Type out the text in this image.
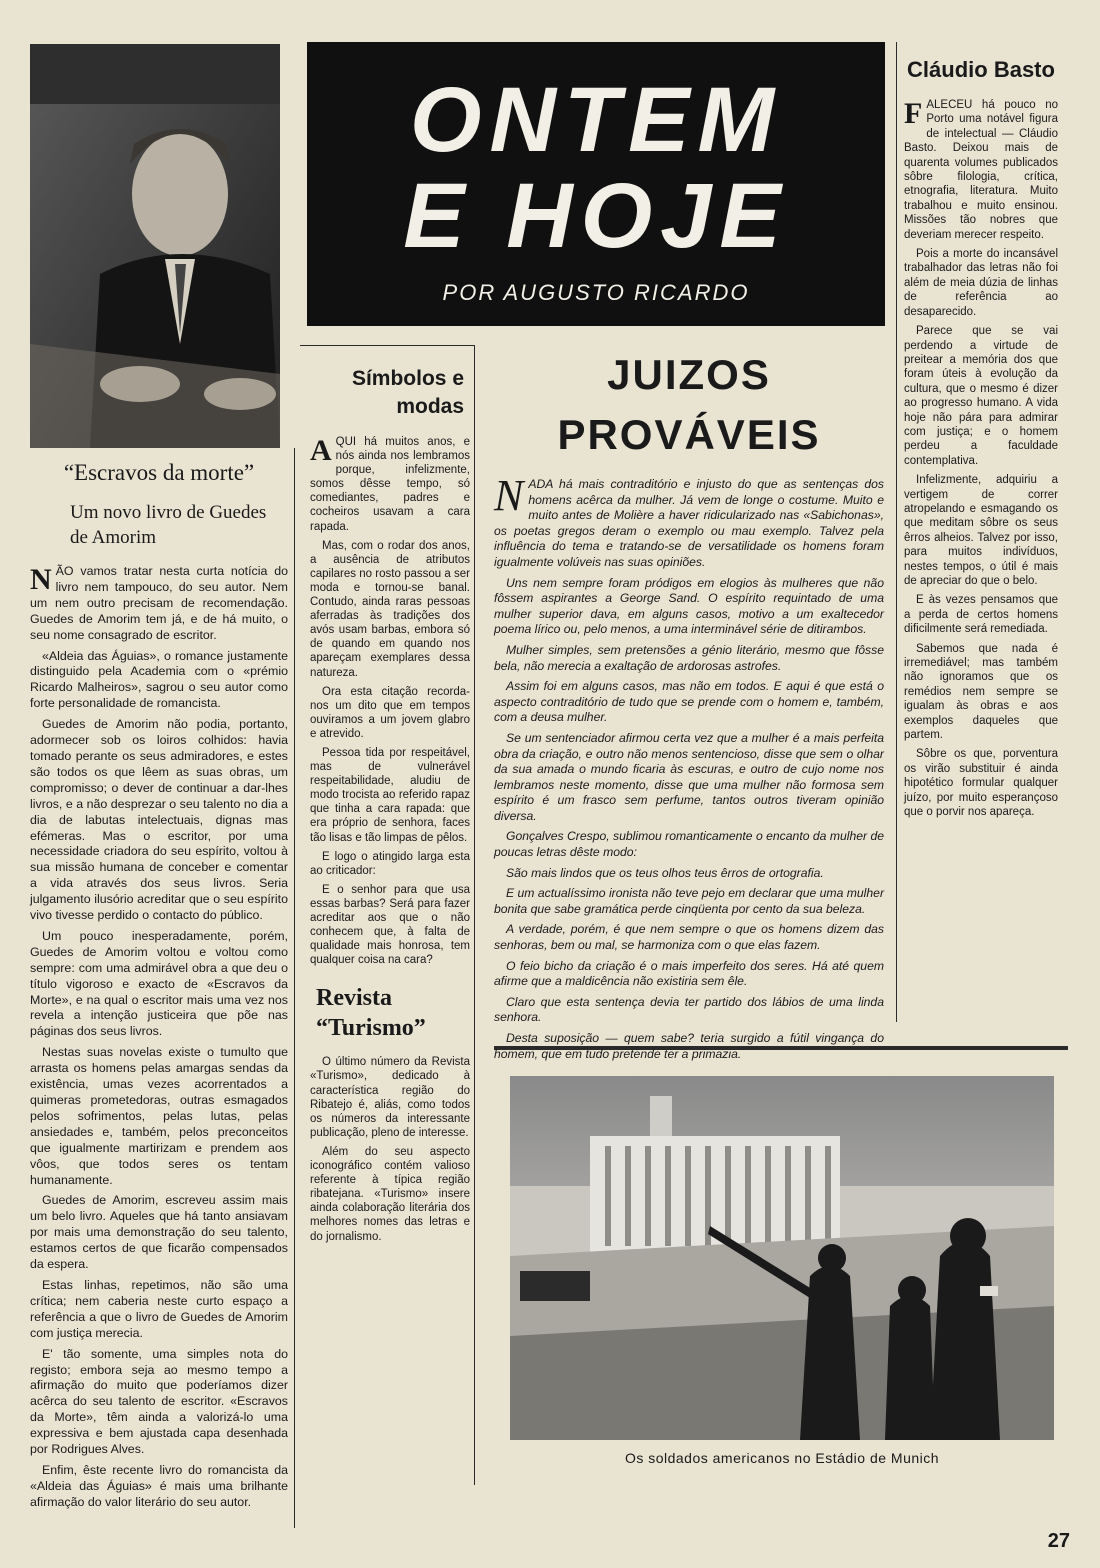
ONTEM
E HOJE
POR AUGUSTO RICARDO
“Escravos da morte”
Um novo livro de Guedes de Amorim

NÃO vamos tratar nesta curta notícia do livro nem tampouco, do seu autor. Nem um nem outro precisam de recomendação. Guedes de Amorim tem já, e de há muito, o seu nome consagrado de escritor.

«Aldeia das Águias», o romance justamente distinguido pela Academia com o «prémio Ricardo Malheiros», sagrou o seu autor como forte personalidade de romancista.

Guedes de Amorim não podia, portanto, adormecer sob os loiros colhidos: havia tomado perante os seus admiradores, e estes são todos os que lêem as suas obras, um compromisso; o dever de continuar a dar-lhes livros, e a não desprezar o seu talento no dia a dia de labutas intelectuais, dignas mas efémeras. Mas o escritor, por uma necessidade criadora do seu espírito, voltou à sua missão humana de conceber e comentar a vida através dos seus livros. Seria julgamento ilusório acreditar que o seu espírito vivo tivesse perdido o contacto do público.

Um pouco inesperadamente, porém, Guedes de Amorim voltou e voltou como sempre: com uma admirável obra a que deu o título vigoroso e exacto de «Escravos da Morte», e na qual o escritor mais uma vez nos revela a intenção justiceira que põe nas páginas dos seus livros.

Nestas suas novelas existe o tumulto que arrasta os homens pelas amargas sendas da existência, umas vezes acorrentados a quimeras prometedoras, outras esmagados pelos sofrimentos, pelas lutas, pelas ansiedades e, também, pelos preconceitos que igualmente martirizam e prendem aos vôos, que todos seres os tentam humanamente.

Guedes de Amorim, escreveu assim mais um belo livro. Aqueles que há tanto ansiavam por mais uma demonstração do seu talento, estamos certos de que ficarão compensados da espera.

Estas linhas, repetimos, não são uma crítica; nem caberia neste curto espaço a referência a que o livro de Guedes de Amorim com justiça merecia.

E' tão somente, uma simples nota do registo; embora seja ao mesmo tempo a afirmação do muito que poderíamos dizer acêrca do seu talento de escritor. «Escravos da Morte», têm ainda a valorizá-lo uma expressiva e bem ajustada capa desenhada por Rodrigues Alves.

Enfim, êste recente livro do romancista da «Aldeia das Águias» é mais uma brilhante afirmação do valor literário do seu autor.

Símbolos e modas

AQUI há muitos anos, e nós ainda nos lembramos porque, infelizmente, somos dêsse tempo, só comediantes, padres e cocheiros usavam a cara rapada.

Mas, com o rodar dos anos, a ausência de atributos capilares no rosto passou a ser moda e tornou-se banal. Contudo, ainda raras pessoas aferradas às tradições dos avós usam barbas, embora só de quando em quando nos apareçam exemplares dessa natureza.

Ora esta citação recorda-nos um dito que em tempos ouviramos a um jovem glabro e atrevido.

Pessoa tida por respeitável, mas de vulnerável respeitabilidade, aludiu de modo trocista ao referido rapaz que tinha a cara rapada: que era próprio de senhora, faces tão lisas e tão limpas de pêlos.

E logo o atingido larga esta ao criticador:

E o senhor para que usa essas barbas? Será para fazer acreditar aos que o não conhecem que, à falta de qualidade mais honrosa, tem qualquer coisa na cara?

Revista “Turismo”

O último número da Revista «Turismo», dedicado à característica região do Ribatejo é, aliás, como todos os números da interessante publicação, pleno de interesse.

Além do seu aspecto iconográfico contém valioso referente à típica região ribatejana. «Turismo» insere ainda colaboração literária dos melhores nomes das letras e do jornalismo.

JUIZOS PROVÁVEIS

NADA há mais contraditório e injusto do que as sentenças dos homens acêrca da mulher. Já vem de longe o costume. Muito e muito antes de Molière a haver ridicularizado nas «Sabichonas», os poetas gregos deram o exemplo ou mau exemplo. Talvez pela influência do tema e tratando-se de versatilidade os homens foram igualmente volúveis nas suas opiniões.

Uns nem sempre foram pródigos em elogios às mulheres que não fôssem aspirantes a George Sand. O espírito requintado de uma mulher superior dava, em alguns casos, motivo a um exaltecedor poema lírico ou, pelo menos, a uma interminável série de ditirambos.

Mulher simples, sem pretensões a génio literário, mesmo que fôsse bela, não merecia a exaltação de ardorosas astrofes.

Assim foi em alguns casos, mas não em todos. E aqui é que está o aspecto contraditório de tudo que se prende com o homem e, também, com a deusa mulher.

Se um sentenciador afirmou certa vez que a mulher é a mais perfeita obra da criação, e outro não menos sentencioso, disse que sem o olhar da sua amada o mundo ficaria às escuras, e outro de cujo nome nos lembramos neste momento, disse que uma mulher não formosa sem espírito é um frasco sem perfume, tantos outros tiveram opinião diversa.

Gonçalves Crespo, sublimou romanticamente o encanto da mulher de poucas letras dêste modo:

São mais lindos que os teus olhos teus êrros de ortografia.

E um actualíssimo ironista não teve pejo em declarar que uma mulher bonita que sabe gramática perde cinqüenta por cento da sua beleza.

A verdade, porém, é que nem sempre o que os homens dizem das senhoras, bem ou mal, se harmoniza com o que elas fazem.

O feio bicho da criação é o mais imperfeito dos seres. Há até quem afirme que a maldicência não existiria sem êle.

Claro que esta sentença devia ter partido dos lábios de uma linda senhora.

Desta suposição — quem sabe? teria surgido a fútil vingança do homem, que em tudo pretende ter a primazia.

Cláudio Basto

FALECEU há pouco no Porto uma notável figura de intelectual — Cláudio Basto. Deixou mais de quarenta volumes publicados sôbre filologia, crítica, etnografia, literatura. Muito trabalhou e muito ensinou. Missões tão nobres que deveriam merecer respeito.

Pois a morte do incansável trabalhador das letras não foi além de meia dúzia de linhas de referência ao desaparecido.

Parece que se vai perdendo a virtude de preitear a memória dos que foram úteis à evolução da cultura, que o mesmo é dizer ao progresso humano. A vida hoje não pára para admirar com justiça; e o homem perdeu a faculdade contemplativa.

Infelizmente, adquiriu a vertigem de correr atropelando e esmagando os que meditam sôbre os seus êrros alheios. Talvez por isso, para muitos indivíduos, nestes tempos, o útil é mais de apreciar do que o belo.

E às vezes pensamos que a perda de certos homens dificilmente será remediada.

Sabemos que nada é irremediável; mas também não ignoramos que os remédios nem sempre se igualam às obras e aos exemplos daqueles que partem.

Sôbre os que, porventura os virão substituir é ainda hipotético formular qualquer juízo, por muito esperançoso que o porvir nos apareça.

Os soldados americanos no Estádio de Munich
27
